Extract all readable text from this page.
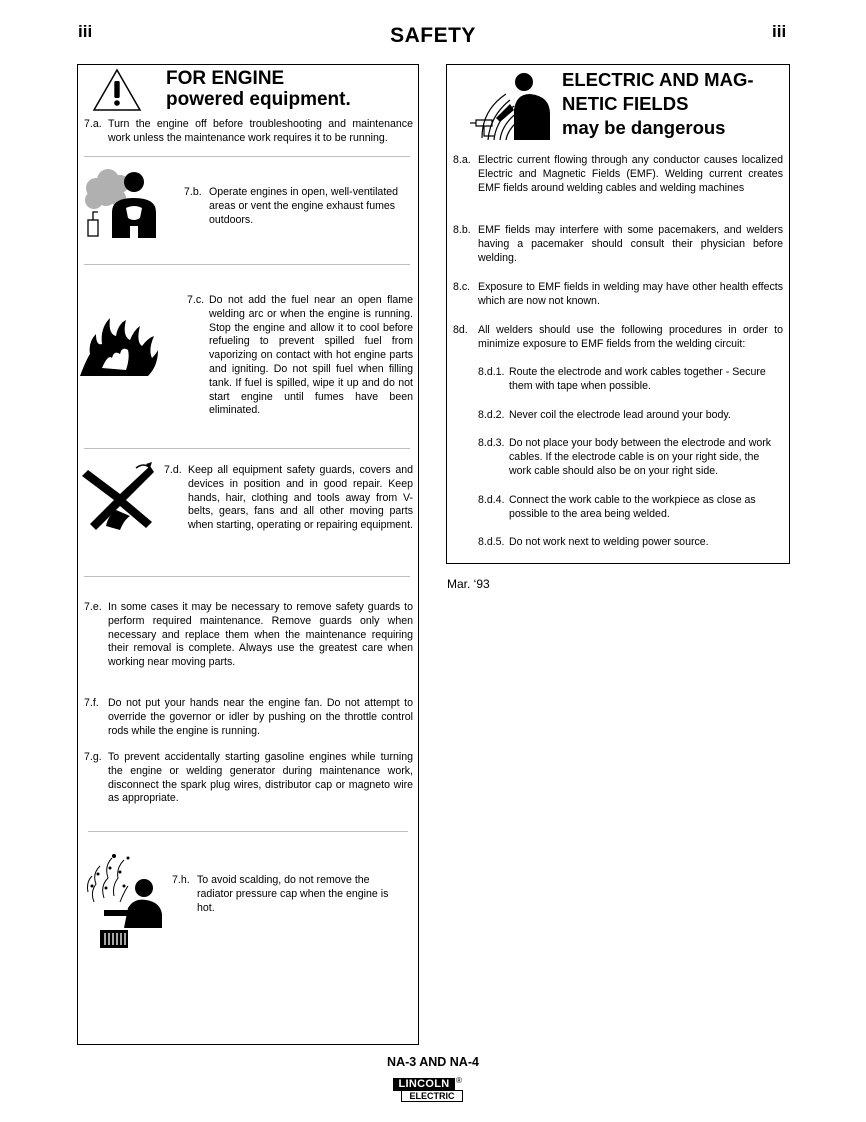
iii	SAFETY	iii
FOR ENGINE
powered equipment.
7.a. Turn the engine off before troubleshooting and maintenance work unless the maintenance work requires it to be running.
7.b. Operate engines in open, well-ventilated areas or vent the engine exhaust fumes outdoors.
7.c. Do not add the fuel near an open flame welding arc or when the engine is running. Stop the engine and allow it to cool before refueling to prevent spilled fuel from vaporizing on contact with hot engine parts and igniting. Do not spill fuel when filling tank. If fuel is spilled, wipe it up and do not start engine until fumes have been eliminated.
7.d. Keep all equipment safety guards, covers and devices in position and in good repair. Keep hands, hair, clothing and tools away from V-belts, gears, fans and all other moving parts when starting, operating or repairing equipment.
7.e. In some cases it may be necessary to remove safety guards to perform required maintenance. Remove guards only when necessary and replace them when the maintenance requiring their removal is complete. Always use the greatest care when working near moving parts.
7.f. Do not put your hands near the engine fan. Do not attempt to override the governor or idler by pushing on the throttle control rods while the engine is running.
7.g. To prevent accidentally starting gasoline engines while turning the engine or welding generator during maintenance work, disconnect the spark plug wires, distributor cap or magneto wire as appropriate.
7.h. To avoid scalding, do not remove the radiator pressure cap when the engine is hot.
ELECTRIC AND MAG-
NETIC FIELDS
may be dangerous
8.a. Electric current flowing through any conductor causes localized Electric and Magnetic Fields (EMF). Welding current creates EMF fields around welding cables and welding machines
8.b. EMF fields may interfere with some pacemakers, and welders having a pacemaker should consult their physician before welding.
8.c. Exposure to EMF fields in welding may have other health effects which are now not known.
8d. All welders should use the following procedures in order to minimize exposure to EMF fields from the welding circuit:
8.d.1. Route the electrode and work cables together - Secure them with tape when possible.
8.d.2. Never coil the electrode lead around your body.
8.d.3. Do not place your body between the electrode and work cables. If the electrode cable is on your right side, the work cable should also be on your right side.
8.d.4. Connect the work cable to the workpiece as close as possible to the area being welded.
8.d.5. Do not work next to welding power source.
Mar. ‘93
NA-3 AND NA-4
LINCOLN ®
ELECTRIC
